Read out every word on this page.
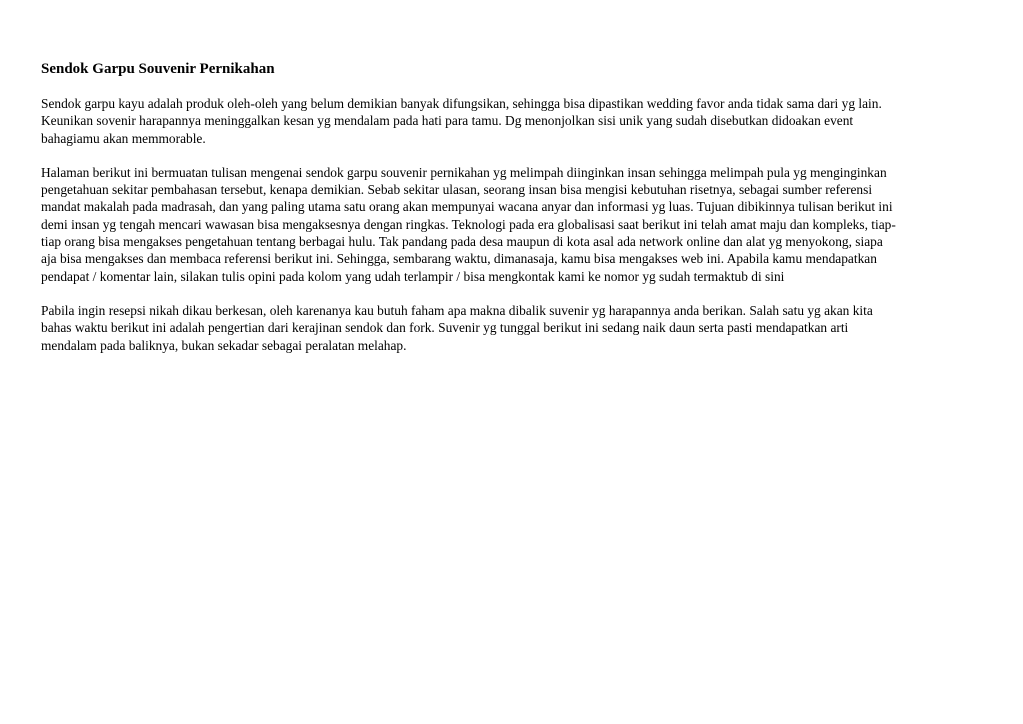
Sendok Garpu Souvenir Pernikahan
Sendok garpu kayu adalah produk oleh-oleh yang belum demikian banyak difungsikan, sehingga bisa dipastikan wedding favor anda tidak sama dari yg lain.
Keunikan sovenir harapannya meninggalkan kesan yg mendalam pada hati para tamu. Dg menonjolkan sisi unik yang sudah disebutkan didoakan event
bahagiamu akan memmorable.
Halaman berikut ini bermuatan tulisan mengenai sendok garpu souvenir pernikahan yg melimpah diinginkan insan sehingga melimpah pula yg menginginkan
pengetahuan sekitar pembahasan tersebut, kenapa demikian. Sebab sekitar ulasan, seorang insan bisa mengisi kebutuhan risetnya, sebagai sumber referensi
mandat makalah pada madrasah, dan yang paling utama satu orang akan mempunyai wacana anyar dan informasi yg luas. Tujuan dibikinnya tulisan berikut ini
demi insan yg tengah mencari wawasan bisa mengaksesnya dengan ringkas. Teknologi pada era globalisasi saat berikut ini telah amat maju dan kompleks, tiap-
tiap orang bisa mengakses pengetahuan tentang berbagai hulu. Tak pandang pada desa maupun di kota asal ada network online dan alat yg menyokong, siapa
aja bisa mengakses dan membaca referensi berikut ini. Sehingga, sembarang waktu, dimanasaja, kamu bisa mengakses web ini. Apabila kamu mendapatkan
pendapat / komentar lain, silakan tulis opini pada kolom yang udah terlampir / bisa mengkontak kami ke nomor yg sudah termaktub di sini
Pabila ingin resepsi nikah dikau berkesan, oleh karenanya kau butuh faham apa makna dibalik suvenir yg harapannya anda berikan. Salah satu yg akan kita
bahas waktu berikut ini adalah pengertian dari kerajinan sendok dan fork. Suvenir yg tunggal berikut ini sedang naik daun serta pasti mendapatkan arti
mendalam pada baliknya, bukan sekadar sebagai peralatan melahap.
